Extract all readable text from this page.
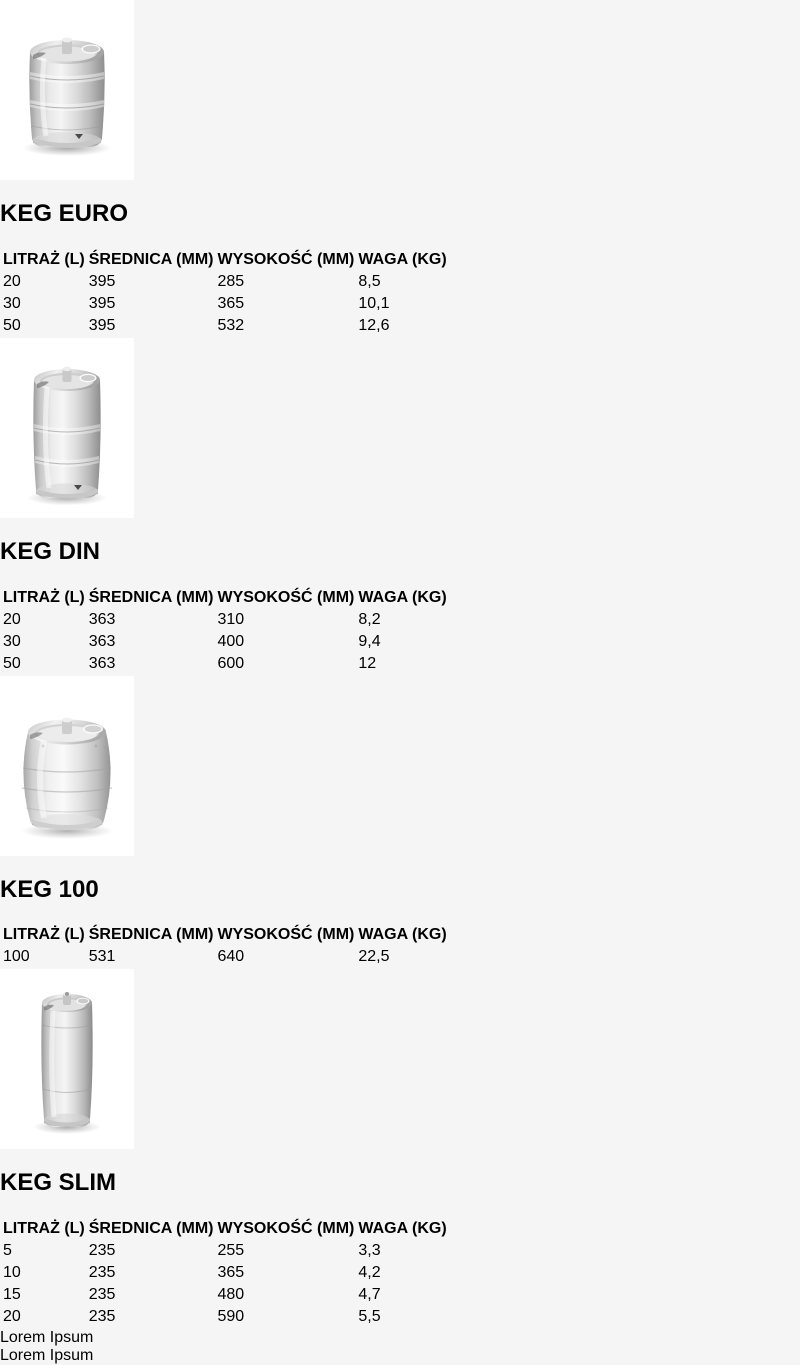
KEG EURO
LITRAŻ (L)	ŚREDNICA (MM)	WYSOKOŚĆ (MM)	WAGA (KG)
20	395	285	8,5
30	395	365	10,1
50	395	532	12,6
KEG DIN
LITRAŻ (L)	ŚREDNICA (MM)	WYSOKOŚĆ (MM)	WAGA (KG)
20	363	310	8,2
30	363	400	9,4
50	363	600	12
KEG 100
LITRAŻ (L)	ŚREDNICA (MM)	WYSOKOŚĆ (MM)	WAGA (KG)
100	531	640	22,5
KEG SLIM
LITRAŻ (L)	ŚREDNICA (MM)	WYSOKOŚĆ (MM)	WAGA (KG)
5	235	255	3,3
10	235	365	4,2
15	235	480	4,7
20	235	590	5,5
Lorem Ipsum
Lorem Ipsum
